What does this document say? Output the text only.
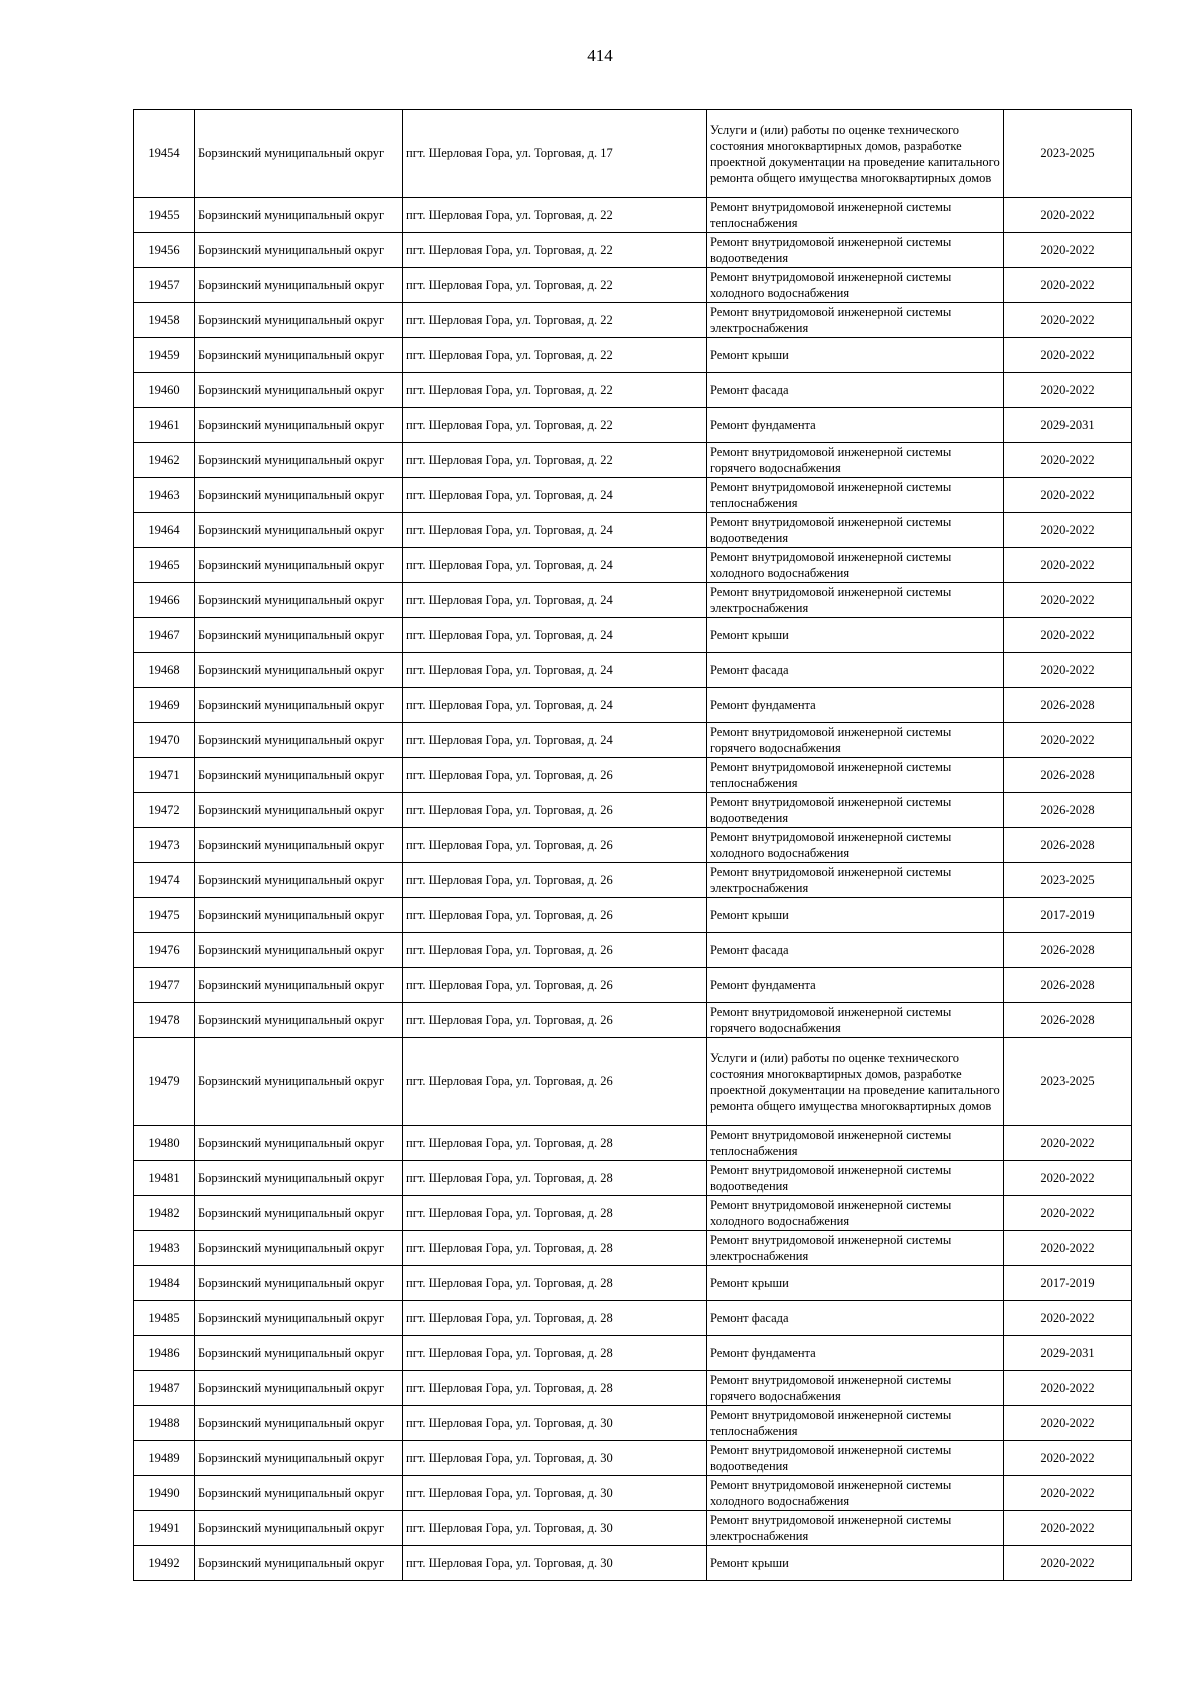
414
19454	Борзинский муниципальный округ	пгт. Шерловая Гора, ул. Торговая, д. 17	Услуги и (или) работы по оценке технического состояния многоквартирных домов, разработке проектной документации на проведение капитального ремонта общего имущества многоквартирных домов	2023-2025
19455	Борзинский муниципальный округ	пгт. Шерловая Гора, ул. Торговая, д. 22	Ремонт внутридомовой инженерной системы теплоснабжения	2020-2022
19456	Борзинский муниципальный округ	пгт. Шерловая Гора, ул. Торговая, д. 22	Ремонт внутридомовой инженерной системы водоотведения	2020-2022
19457	Борзинский муниципальный округ	пгт. Шерловая Гора, ул. Торговая, д. 22	Ремонт внутридомовой инженерной системы холодного водоснабжения	2020-2022
19458	Борзинский муниципальный округ	пгт. Шерловая Гора, ул. Торговая, д. 22	Ремонт внутридомовой инженерной системы электроснабжения	2020-2022
19459	Борзинский муниципальный округ	пгт. Шерловая Гора, ул. Торговая, д. 22	Ремонт крыши	2020-2022
19460	Борзинский муниципальный округ	пгт. Шерловая Гора, ул. Торговая, д. 22	Ремонт фасада	2020-2022
19461	Борзинский муниципальный округ	пгт. Шерловая Гора, ул. Торговая, д. 22	Ремонт фундамента	2029-2031
19462	Борзинский муниципальный округ	пгт. Шерловая Гора, ул. Торговая, д. 22	Ремонт внутридомовой инженерной системы горячего водоснабжения	2020-2022
19463	Борзинский муниципальный округ	пгт. Шерловая Гора, ул. Торговая, д. 24	Ремонт внутридомовой инженерной системы теплоснабжения	2020-2022
19464	Борзинский муниципальный округ	пгт. Шерловая Гора, ул. Торговая, д. 24	Ремонт внутридомовой инженерной системы водоотведения	2020-2022
19465	Борзинский муниципальный округ	пгт. Шерловая Гора, ул. Торговая, д. 24	Ремонт внутридомовой инженерной системы холодного водоснабжения	2020-2022
19466	Борзинский муниципальный округ	пгт. Шерловая Гора, ул. Торговая, д. 24	Ремонт внутридомовой инженерной системы электроснабжения	2020-2022
19467	Борзинский муниципальный округ	пгт. Шерловая Гора, ул. Торговая, д. 24	Ремонт крыши	2020-2022
19468	Борзинский муниципальный округ	пгт. Шерловая Гора, ул. Торговая, д. 24	Ремонт фасада	2020-2022
19469	Борзинский муниципальный округ	пгт. Шерловая Гора, ул. Торговая, д. 24	Ремонт фундамента	2026-2028
19470	Борзинский муниципальный округ	пгт. Шерловая Гора, ул. Торговая, д. 24	Ремонт внутридомовой инженерной системы горячего водоснабжения	2020-2022
19471	Борзинский муниципальный округ	пгт. Шерловая Гора, ул. Торговая, д. 26	Ремонт внутридомовой инженерной системы теплоснабжения	2026-2028
19472	Борзинский муниципальный округ	пгт. Шерловая Гора, ул. Торговая, д. 26	Ремонт внутридомовой инженерной системы водоотведения	2026-2028
19473	Борзинский муниципальный округ	пгт. Шерловая Гора, ул. Торговая, д. 26	Ремонт внутридомовой инженерной системы холодного водоснабжения	2026-2028
19474	Борзинский муниципальный округ	пгт. Шерловая Гора, ул. Торговая, д. 26	Ремонт внутридомовой инженерной системы электроснабжения	2023-2025
19475	Борзинский муниципальный округ	пгт. Шерловая Гора, ул. Торговая, д. 26	Ремонт крыши	2017-2019
19476	Борзинский муниципальный округ	пгт. Шерловая Гора, ул. Торговая, д. 26	Ремонт фасада	2026-2028
19477	Борзинский муниципальный округ	пгт. Шерловая Гора, ул. Торговая, д. 26	Ремонт фундамента	2026-2028
19478	Борзинский муниципальный округ	пгт. Шерловая Гора, ул. Торговая, д. 26	Ремонт внутридомовой инженерной системы горячего водоснабжения	2026-2028
19479	Борзинский муниципальный округ	пгт. Шерловая Гора, ул. Торговая, д. 26	Услуги и (или) работы по оценке технического состояния многоквартирных домов, разработке проектной документации на проведение капитального ремонта общего имущества многоквартирных домов	2023-2025
19480	Борзинский муниципальный округ	пгт. Шерловая Гора, ул. Торговая, д. 28	Ремонт внутридомовой инженерной системы теплоснабжения	2020-2022
19481	Борзинский муниципальный округ	пгт. Шерловая Гора, ул. Торговая, д. 28	Ремонт внутридомовой инженерной системы водоотведения	2020-2022
19482	Борзинский муниципальный округ	пгт. Шерловая Гора, ул. Торговая, д. 28	Ремонт внутридомовой инженерной системы холодного водоснабжения	2020-2022
19483	Борзинский муниципальный округ	пгт. Шерловая Гора, ул. Торговая, д. 28	Ремонт внутридомовой инженерной системы электроснабжения	2020-2022
19484	Борзинский муниципальный округ	пгт. Шерловая Гора, ул. Торговая, д. 28	Ремонт крыши	2017-2019
19485	Борзинский муниципальный округ	пгт. Шерловая Гора, ул. Торговая, д. 28	Ремонт фасада	2020-2022
19486	Борзинский муниципальный округ	пгт. Шерловая Гора, ул. Торговая, д. 28	Ремонт фундамента	2029-2031
19487	Борзинский муниципальный округ	пгт. Шерловая Гора, ул. Торговая, д. 28	Ремонт внутридомовой инженерной системы горячего водоснабжения	2020-2022
19488	Борзинский муниципальный округ	пгт. Шерловая Гора, ул. Торговая, д. 30	Ремонт внутридомовой инженерной системы теплоснабжения	2020-2022
19489	Борзинский муниципальный округ	пгт. Шерловая Гора, ул. Торговая, д. 30	Ремонт внутридомовой инженерной системы водоотведения	2020-2022
19490	Борзинский муниципальный округ	пгт. Шерловая Гора, ул. Торговая, д. 30	Ремонт внутридомовой инженерной системы холодного водоснабжения	2020-2022
19491	Борзинский муниципальный округ	пгт. Шерловая Гора, ул. Торговая, д. 30	Ремонт внутридомовой инженерной системы электроснабжения	2020-2022
19492	Борзинский муниципальный округ	пгт. Шерловая Гора, ул. Торговая, д. 30	Ремонт крыши	2020-2022
